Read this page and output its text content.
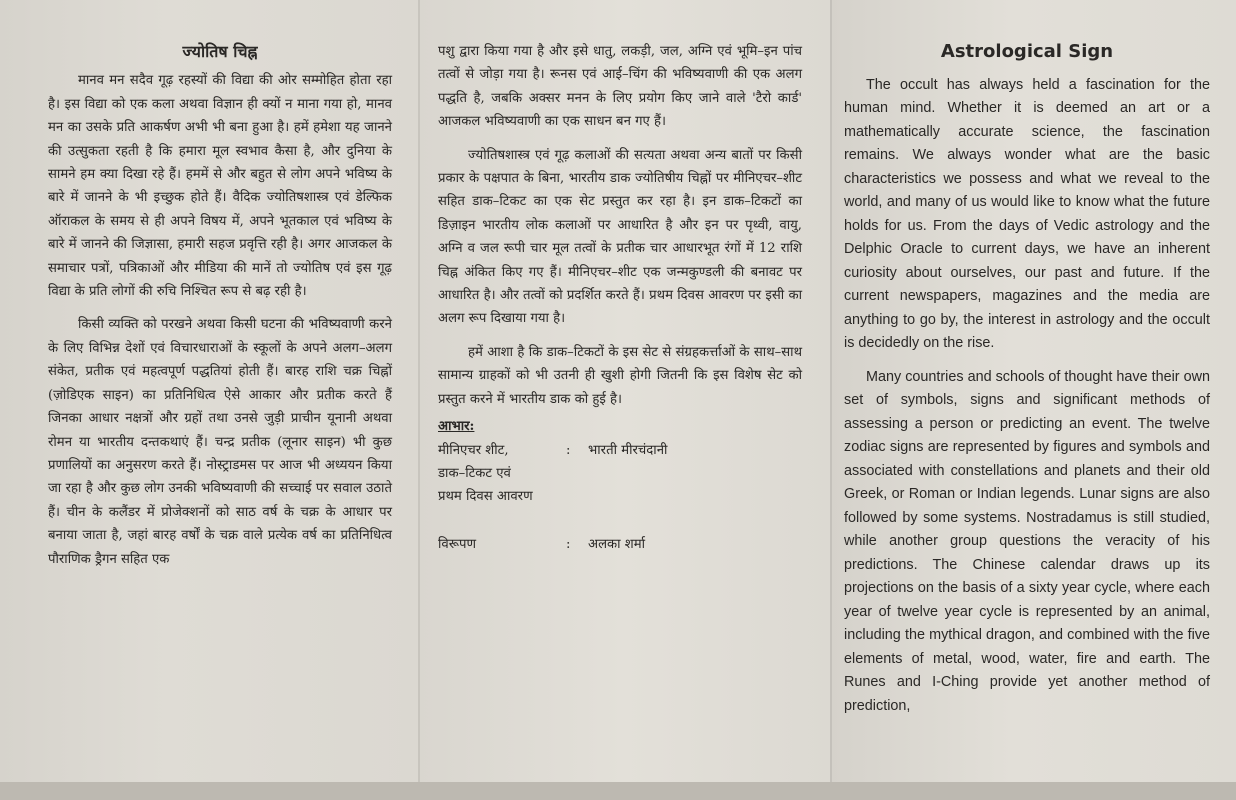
ज्योतिष चिह्न

मानव मन सदैव गूढ़ रहस्यों की विद्या की ओर सम्मोहित होता रहा है। इस विद्या को एक कला अथवा विज्ञान ही क्यों न माना गया हो, मानव मन का उसके प्रति आकर्षण अभी भी बना हुआ है। हमें हमेशा यह जानने की उत्सुकता रहती है कि हमारा मूल स्वभाव कैसा है, और दुनिया के सामने हम क्या दिखा रहे हैं। हममें से और बहुत से लोग अपने भविष्य के बारे में जानने के भी इच्छुक होते हैं। वैदिक ज्योतिषशास्त्र एवं डेल्फिक ऑराकल के समय से ही अपने विषय में, अपने भूतकाल एवं भविष्य के बारे में जानने की जिज्ञासा, हमारी सहज प्रवृत्ति रही है। अगर आजकल के समाचार पत्रों, पत्रिकाओं और मीडिया की मानें तो ज्योतिष एवं इस गूढ़ विद्या के प्रति लोगों की रुचि निश्चित रूप से बढ़ रही है।

किसी व्यक्ति को परखने अथवा किसी घटना की भविष्यवाणी करने के लिए विभिन्न देशों एवं विचारधाराओं के स्कूलों के अपने अलग–अलग संकेत, प्रतीक एवं महत्वपूर्ण पद्धतियां होती हैं। बारह राशि चक्र चिह्नों (ज़ोडिएक साइन) का प्रतिनिधित्व ऐसे आकार और प्रतीक करते हैं जिनका आधार नक्षत्रों और ग्रहों तथा उनसे जुड़ी प्राचीन यूनानी अथवा रोमन या भारतीय दन्तकथाएं हैं। चन्द्र प्रतीक (लूनार साइन) भी कुछ प्रणालियों का अनुसरण करते हैं। नोस्ट्राडमस पर आज भी अध्ययन किया जा रहा है और कुछ लोग उनकी भविष्यवाणी की सच्चाई पर सवाल उठाते हैं। चीन के कलैंडर में प्रोजेक्शनों को साठ वर्ष के चक्र के आधार पर बनाया जाता है, जहां बारह वर्षों के चक्र वाले प्रत्येक वर्ष का प्रतिनिधित्व पौराणिक ड्रैगन सहित एक

पशु द्वारा किया गया है और इसे धातु, लकड़ी, जल, अग्नि एवं भूमि–इन पांच तत्वों से जोड़ा गया है। रूनस एवं आई–चिंग की भविष्यवाणी की एक अलग पद्धति है, जबकि अक्सर मनन के लिए प्रयोग किए जाने वाले 'टैरो कार्ड' आजकल भविष्यवाणी का एक साधन बन गए हैं।

ज्योतिषशास्त्र एवं गूढ़ कलाओं की सत्यता अथवा अन्य बातों पर किसी प्रकार के पक्षपात के बिना, भारतीय डाक ज्योतिषीय चिह्नों पर मीनिएचर–शीट सहित डाक–टिकट का एक सेट प्रस्तुत कर रहा है। इन डाक–टिकटों का डिज़ाइन भारतीय लोक कलाओं पर आधारित है और इन पर पृथ्वी, वायु, अग्नि व जल रूपी चार मूल तत्वों के प्रतीक चार आधारभूत रंगों में 12 राशि चिह्न अंकित किए गए हैं। मीनिएचर–शीट एक जन्मकुण्डली की बनावट पर आधारित है। और तत्वों को प्रदर्शित करते हैं। प्रथम दिवस आवरण पर इसी का अलग रूप दिखाया गया है।

हमें आशा है कि डाक–टिकटों के इस सेट से संग्रहकर्त्ताओं के साथ–साथ सामान्य ग्राहकों को भी उतनी ही खुशी होगी जितनी कि इस विशेष सेट को प्रस्तुत करने में भारतीय डाक को हुई है।

आभार:
मीनिएचर शीट,	:	भारती मीरचंदानी
डाक–टिकट एवं
प्रथम दिवस आवरण
विरूपण	:	अलका शर्मा
Astrological Sign

The occult has always held a fascination for the human mind. Whether it is deemed an art or a mathematically accurate science, the fascination remains. We always wonder what are the basic characteristics we possess and what we reveal to the world, and many of us would like to know what the future holds for us. From the days of Vedic astrology and the Delphic Oracle to current days, we have an inherent curiosity about ourselves, our past and future. If the current newspapers, magazines and the media are anything to go by, the interest in astrology and the occult is decidedly on the rise.

Many countries and schools of thought have their own set of symbols, signs and significant methods of assessing a person or predicting an event. The twelve zodiac signs are represented by figures and symbols and associated with constellations and planets and their old Greek, or Roman or Indian legends. Lunar signs are also followed by some systems. Nostradamus is still studied, while another group questions the veracity of his predictions. The Chinese calendar draws up its projections on the basis of a sixty year cycle, where each year of twelve year cycle is represented by an animal, including the mythical dragon, and combined with the five elements of metal, wood, water, fire and earth. The Runes and I-Ching provide yet another method of prediction,
